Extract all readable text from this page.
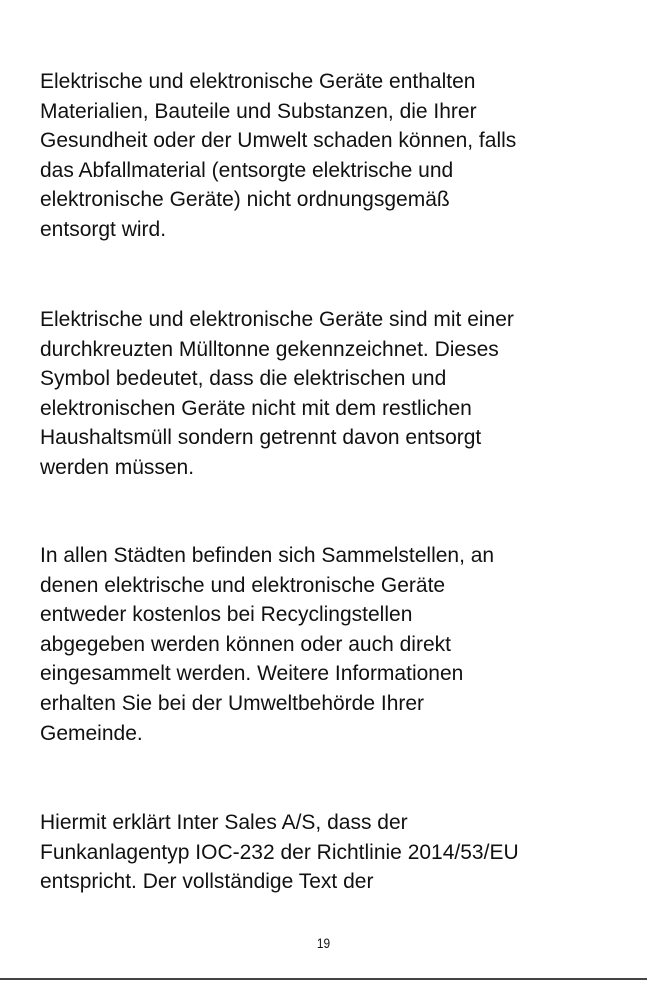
Elektrische und elektronische Geräte enthalten
Materialien, Bauteile und Substanzen, die Ihrer
Gesundheit oder der Umwelt schaden können, falls
das Abfallmaterial (entsorgte elektrische und
elektronische Geräte) nicht ordnungsgemäß
entsorgt wird.

Elektrische und elektronische Geräte sind mit einer
durchkreuzten Mülltonne gekennzeichnet. Dieses
Symbol bedeutet, dass die elektrischen und
elektronischen Geräte nicht mit dem restlichen
Haushaltsmüll sondern getrennt davon entsorgt
werden müssen.

In allen Städten befinden sich Sammelstellen, an
denen elektrische und elektronische Geräte
entweder kostenlos bei Recyclingstellen
abgegeben werden können oder auch direkt
eingesammelt werden. Weitere Informationen
erhalten Sie bei der Umweltbehörde Ihrer
Gemeinde.

Hiermit erklärt Inter Sales A/S, dass der
Funkanlagentyp IOC-232 der Richtlinie 2014/53/EU
entspricht. Der vollständige Text der

19
